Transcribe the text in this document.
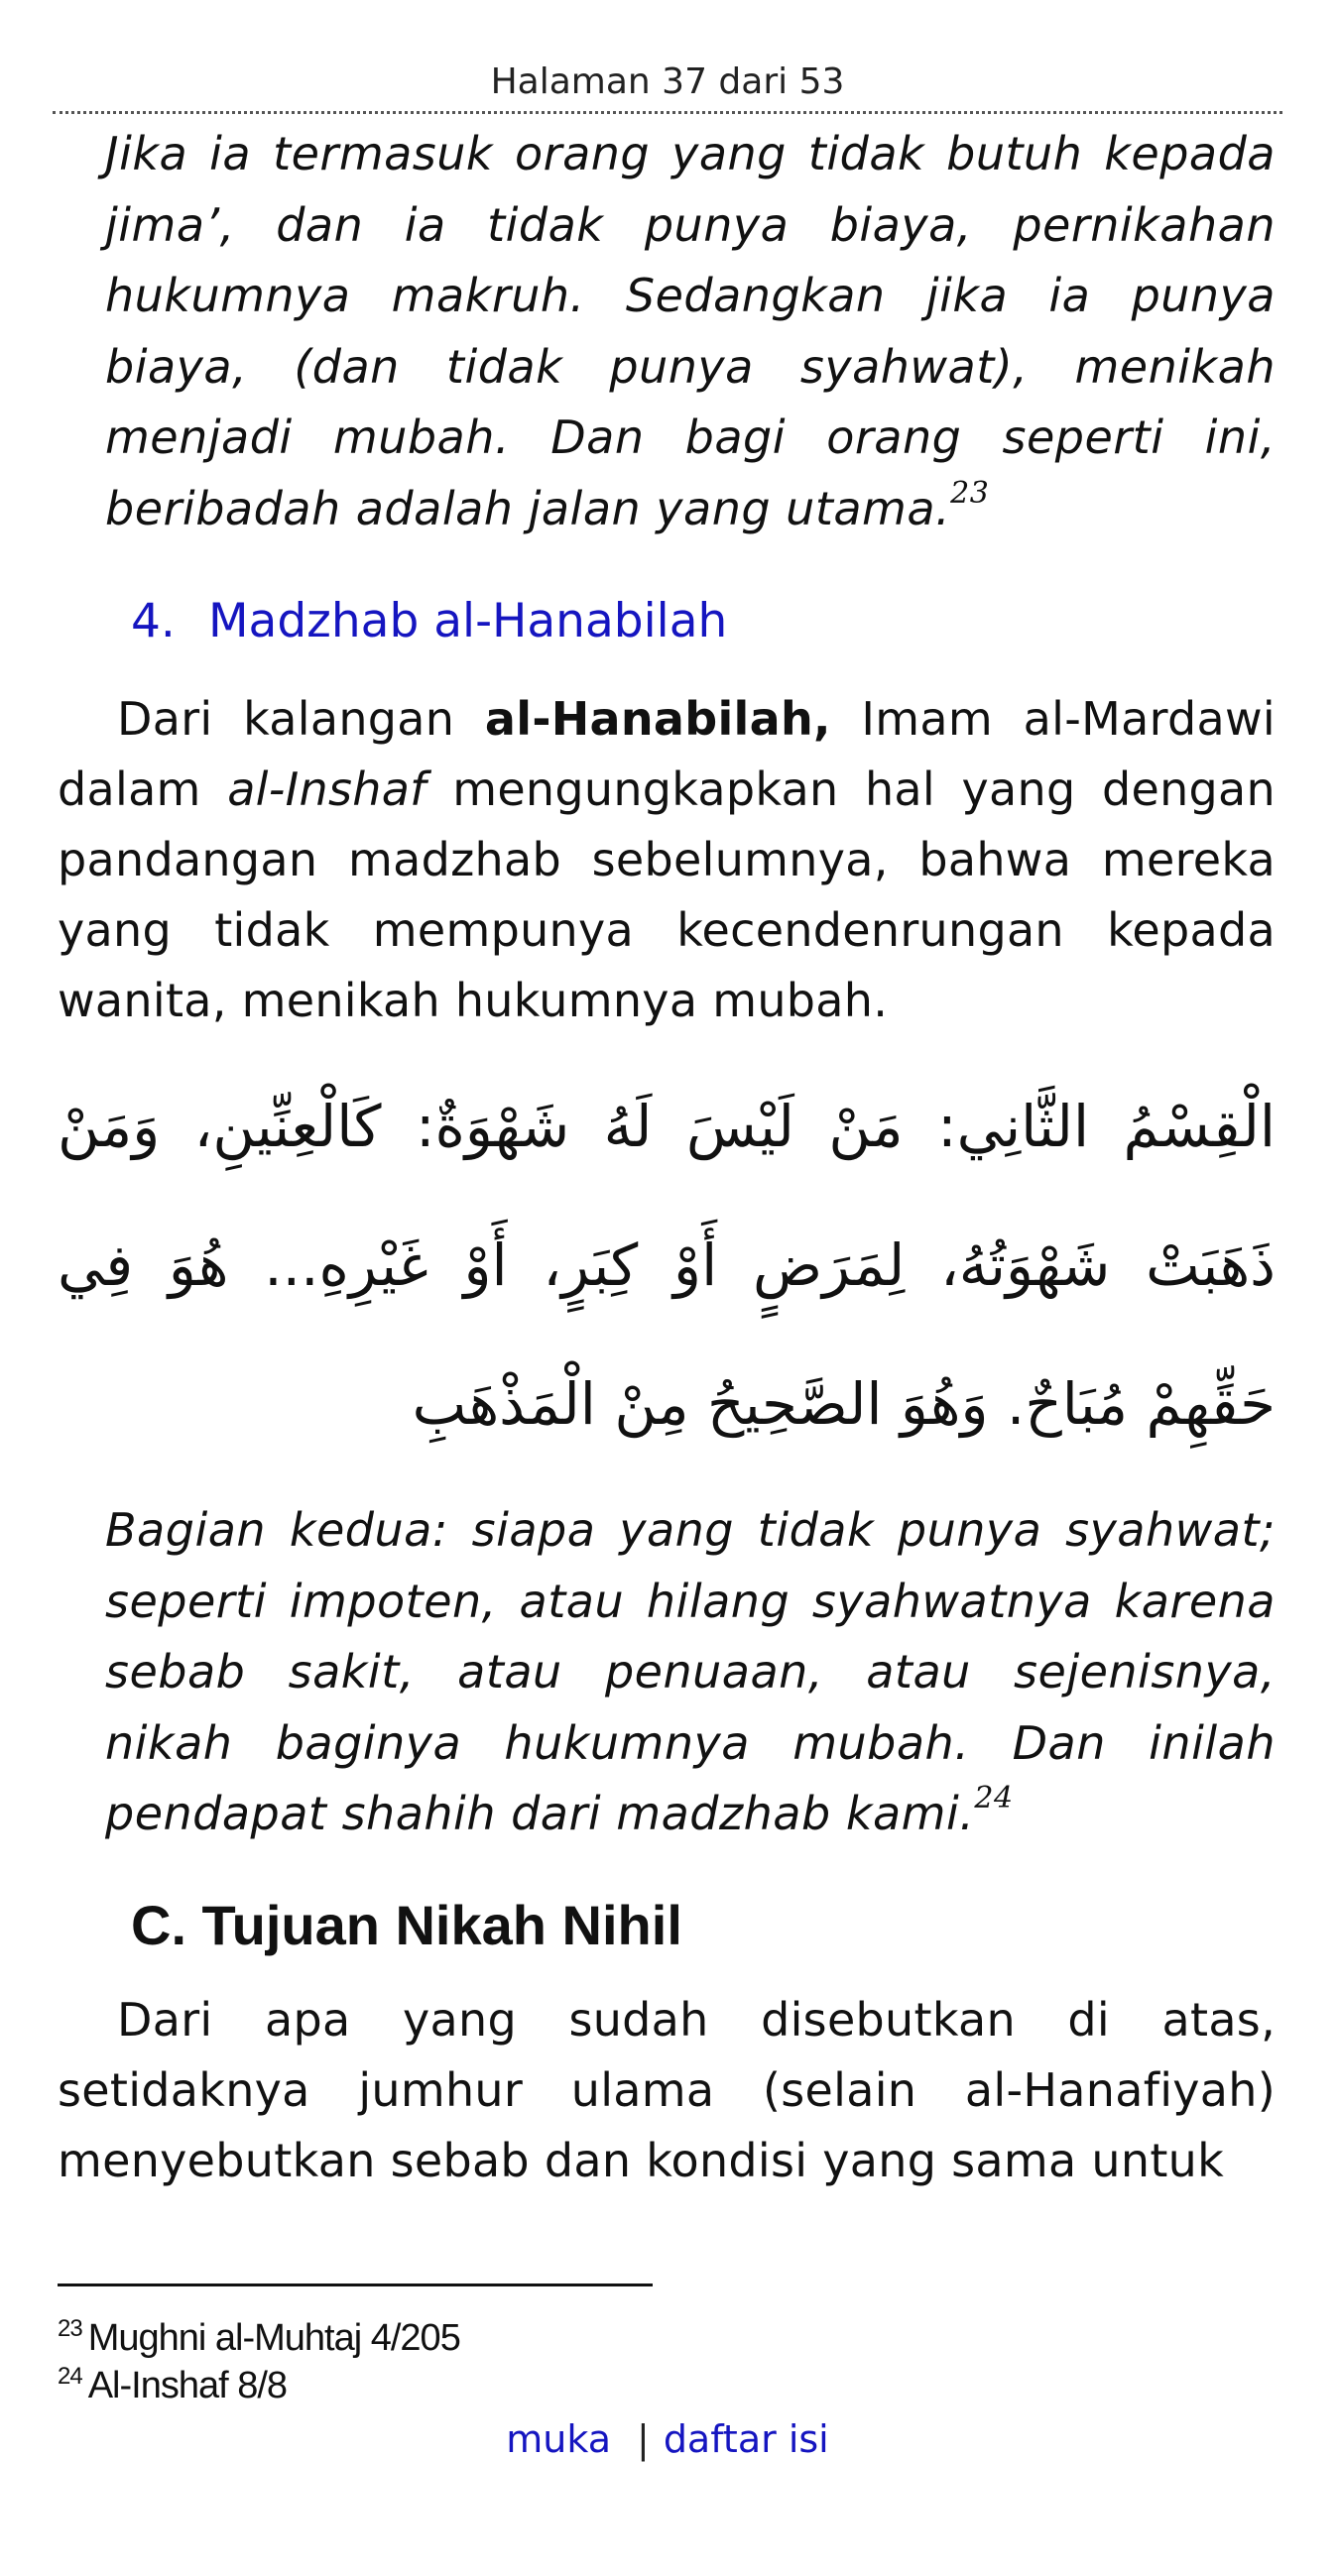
Halaman 37 dari 53

Jika ia termasuk orang yang tidak butuh kepada jima’, dan ia tidak punya biaya, pernikahan hukumnya makruh. Sedangkan jika ia punya biaya, (dan tidak punya syahwat), menikah menjadi mubah. Dan bagi orang seperti ini, beribadah adalah jalan yang utama.$^{23}$

4. Madzhab al-Hanabilah

Dari kalangan al-Hanabilah, Imam al-Mardawi dalam al-Inshaf mengungkapkan hal yang dengan pandangan madzhab sebelumnya, bahwa mereka yang tidak mempunya kecendenrungan kepada wanita, menikah hukumnya mubah.

الْقِسْمُ الثَّانِي: مَنْ لَيْسَ لَهُ شَهْوَةٌ: كَالْعِنِّينِ، وَمَنْ
ذَهَبَتْ شَهْوَتُهُ، لِمَرَضٍ أَوْ كِبَرٍ، أَوْ غَيْرِهِ... هُوَ فِي
حَقِّهِمْ مُبَاحٌ. وَهُوَ الصَّحِيحُ مِنْ الْمَذْهَبِ

Bagian kedua: siapa yang tidak punya syahwat; seperti impoten, atau hilang syahwatnya karena sebab sakit, atau penuaan, atau sejenisnya, nikah baginya hukumnya mubah. Dan inilah pendapat shahih dari madzhab kami.$^{24}$

C. Tujuan Nikah Nihil

Dari apa yang sudah disebutkan di atas, setidaknya jumhur ulama (selain al-Hanafiyah) menyebutkan sebab dan kondisi yang sama untuk

$^{23}$ Mughni al-Muhtaj 4/205
$^{24}$ Al-Inshaf 8/8
muka | daftar isi
